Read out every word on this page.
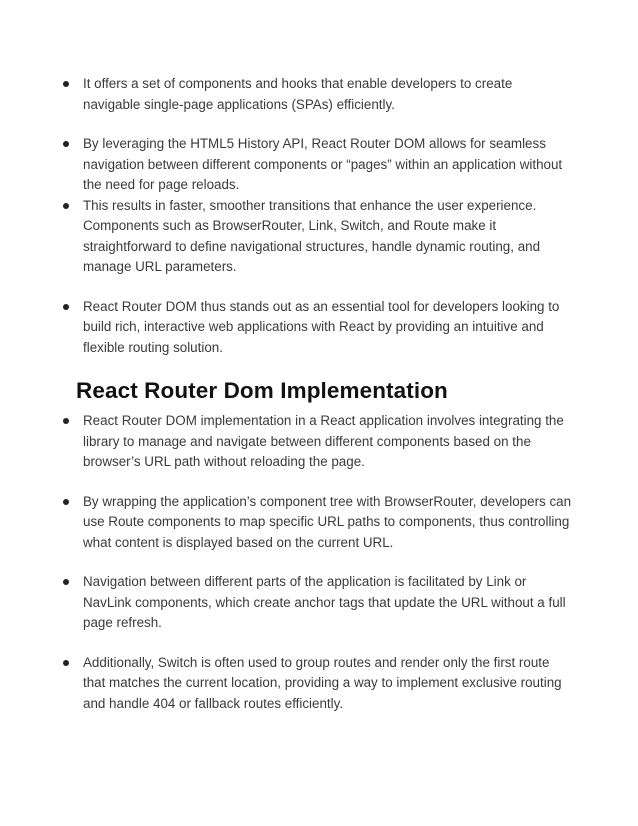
It offers a set of components and hooks that enable developers to create navigable single-page applications (SPAs) efficiently.
By leveraging the HTML5 History API, React Router DOM allows for seamless navigation between different components or “pages” within an application without the need for page reloads.
This results in faster, smoother transitions that enhance the user experience. Components such as BrowserRouter, Link, Switch, and Route make it straightforward to define navigational structures, handle dynamic routing, and manage URL parameters.
React Router DOM thus stands out as an essential tool for developers looking to build rich, interactive web applications with React by providing an intuitive and flexible routing solution.
React Router Dom Implementation
React Router DOM implementation in a React application involves integrating the library to manage and navigate between different components based on the browser’s URL path without reloading the page.
By wrapping the application’s component tree with BrowserRouter, developers can use Route components to map specific URL paths to components, thus controlling what content is displayed based on the current URL.
Navigation between different parts of the application is facilitated by Link or NavLink components, which create anchor tags that update the URL without a full page refresh.
Additionally, Switch is often used to group routes and render only the first route that matches the current location, providing a way to implement exclusive routing and handle 404 or fallback routes efficiently.
